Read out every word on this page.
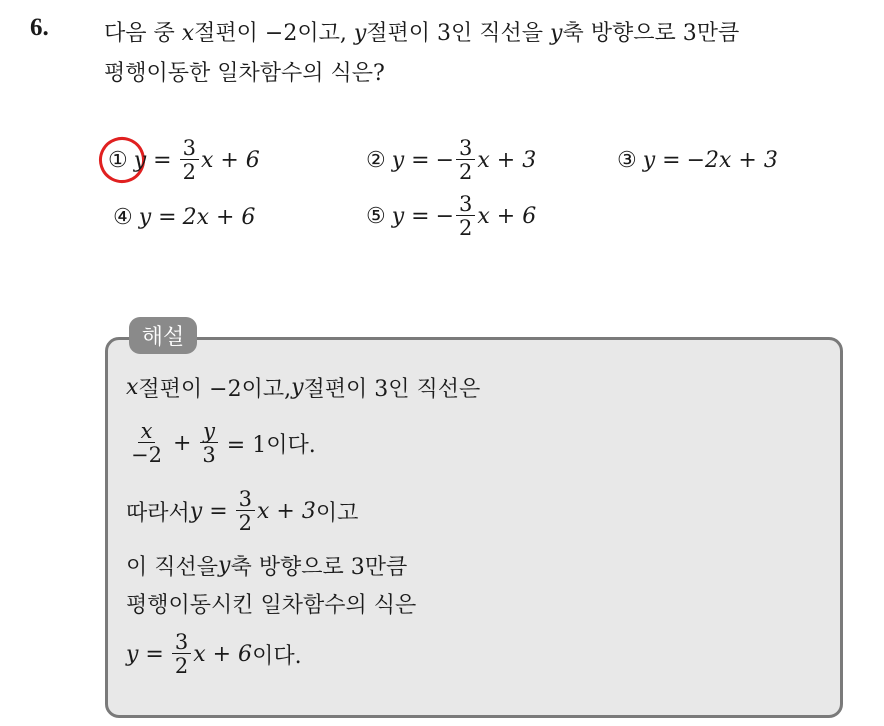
6.	다음 중 x절편이 −2이고, y절편이 3인 직선을 y축 방향으로 3만큼
평행이동한 일차함수의 식은?
① $y = \frac{3}{2}$ x + 6	② y = − $\frac{3}{2}$ x + 3	③ y = −2x + 3
④ y = 2x + 6	⑤ y = − $\frac{3}{2}$ x + 6
해설
x 절편이 −2이고, y 절편이 3인 직선은
$\frac{x}{-2} + \frac{y}{3} = 1$이다.
따라서 $y = \frac{3}{2}$ x + 3 이고
이 직선을 y 축 방향으로 3만큼
평행이동시킨 일차함수의 식은
$y = \frac{3}{2}$ x + 6 이다.
